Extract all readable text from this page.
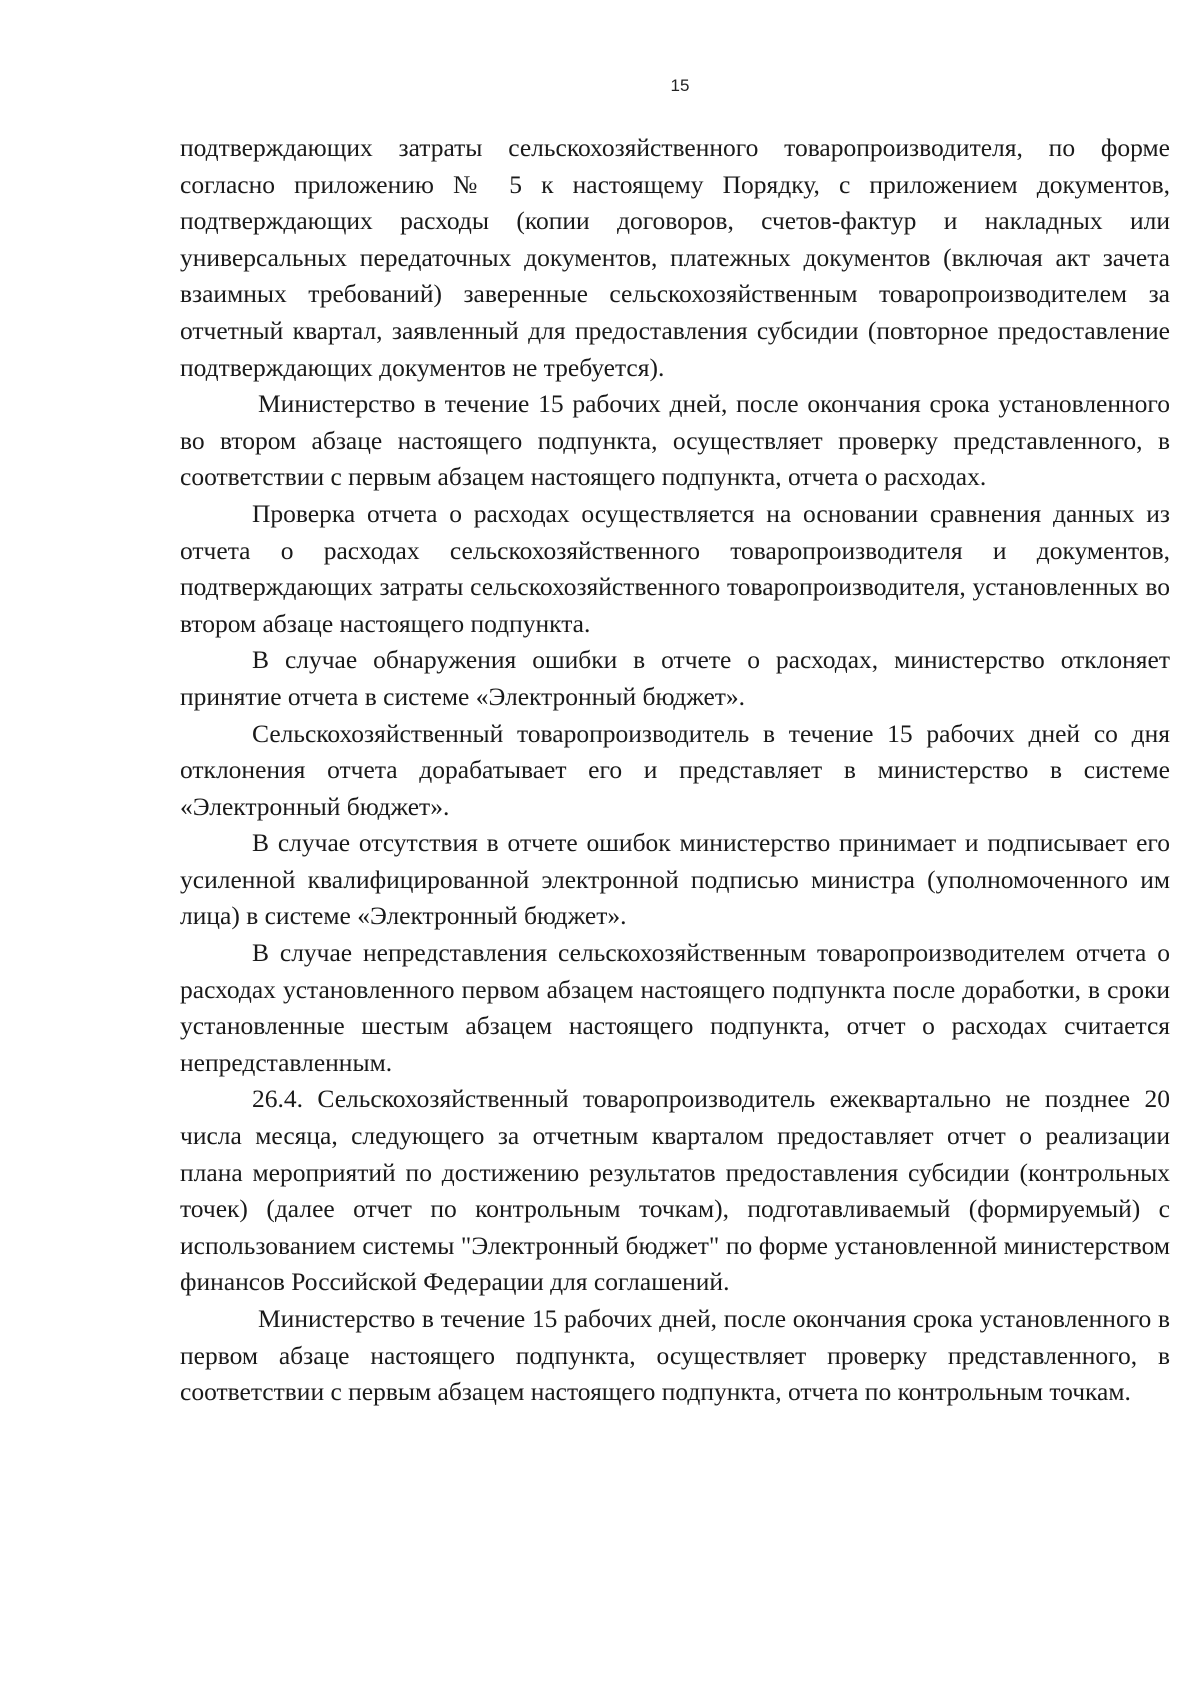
15

подтверждающих затраты сельскохозяйственного товаропроизводителя, по форме согласно приложению № 5 к настоящему Порядку, с приложением документов, подтверждающих расходы (копии договоров, счетов-фактур и накладных или универсальных передаточных документов, платежных документов (включая акт зачета взаимных требований) заверенные сельскохозяйственным товаропроизводителем за отчетный квартал, заявленный для предоставления субсидии (повторное предоставление подтверждающих документов не требуется).

Министерство в течение 15 рабочих дней, после окончания срока установленного во втором абзаце настоящего подпункта, осуществляет проверку представленного, в соответствии с первым абзацем настоящего подпункта, отчета о расходах.

Проверка отчета о расходах осуществляется на основании сравнения данных из отчета о расходах сельскохозяйственного товаропроизводителя и документов, подтверждающих затраты сельскохозяйственного товаропроизводителя, установленных во втором абзаце настоящего подпункта.

В случае обнаружения ошибки в отчете о расходах, министерство отклоняет принятие отчета в системе «Электронный бюджет».

Сельскохозяйственный товаропроизводитель в течение 15 рабочих дней со дня отклонения отчета дорабатывает его и представляет в министерство в системе «Электронный бюджет».

В случае отсутствия в отчете ошибок министерство принимает и подписывает его усиленной квалифицированной электронной подписью министра (уполномоченного им лица) в системе «Электронный бюджет».

В случае непредставления сельскохозяйственным товаропроизводителем отчета о расходах установленного первом абзацем настоящего подпункта после доработки, в сроки установленные шестым абзацем настоящего подпункта, отчет о расходах считается непредставленным.

26.4. Сельскохозяйственный товаропроизводитель ежеквартально не позднее 20 числа месяца, следующего за отчетным кварталом предоставляет отчет о реализации плана мероприятий по достижению результатов предоставления субсидии (контрольных точек) (далее отчет по контрольным точкам), подготавливаемый (формируемый) с использованием системы "Электронный бюджет" по форме установленной министерством финансов Российской Федерации для соглашений.

Министерство в течение 15 рабочих дней, после окончания срока установленного в первом абзаце настоящего подпункта, осуществляет проверку представленного, в соответствии с первым абзацем настоящего подпункта, отчета по контрольным точкам.
